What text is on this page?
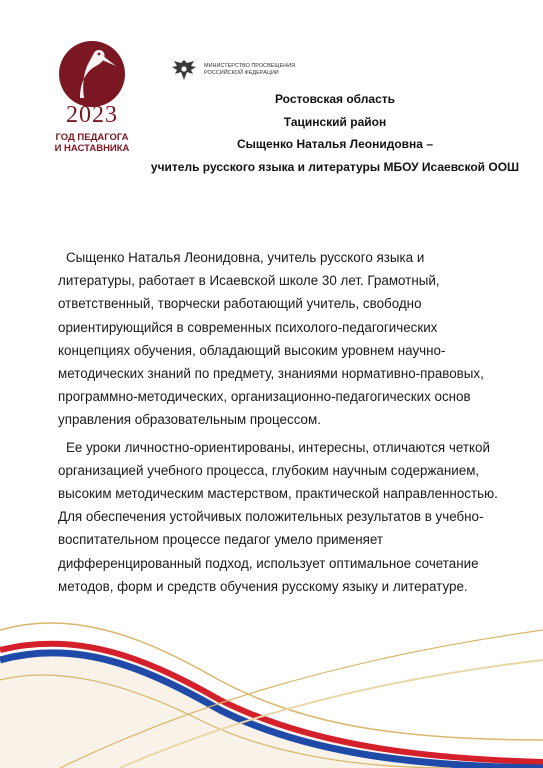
2023
ГОД ПЕДАГОГА
И НАСТАВНИКА
МИНИСТЕРСТВО ПРОСВЕЩЕНИЯ
РОССИЙСКОЙ ФЕДЕРАЦИИ
Ростовская область
Тацинский район
Сыщенко Наталья Леонидовна –
учитель русского языка и литературы МБОУ Исаевской ООШ

Сыщенко Наталья Леонидовна, учитель русского языка и литературы, работает в Исаевской школе 30 лет. Грамотный, ответственный, творчески работающий учитель, свободно ориентирующийся в современных психолого-педагогических концепциях обучения, обладающий высоким уровнем научно-методических знаний по предмету, знаниями нормативно-правовых, программно-методических, организационно-педагогических основ управления образовательным процессом.

Ее уроки личностно-ориентированы, интересны, отличаются четкой организацией учебного процесса, глубоким научным содержанием, высоким методическим мастерством, практической направленностью. Для обеспечения устойчивых положительных результатов в учебно-воспитательном процессе педагог умело применяет дифференцированный подход, использует оптимальное сочетание методов, форм и средств обучения русскому языку и литературе.
